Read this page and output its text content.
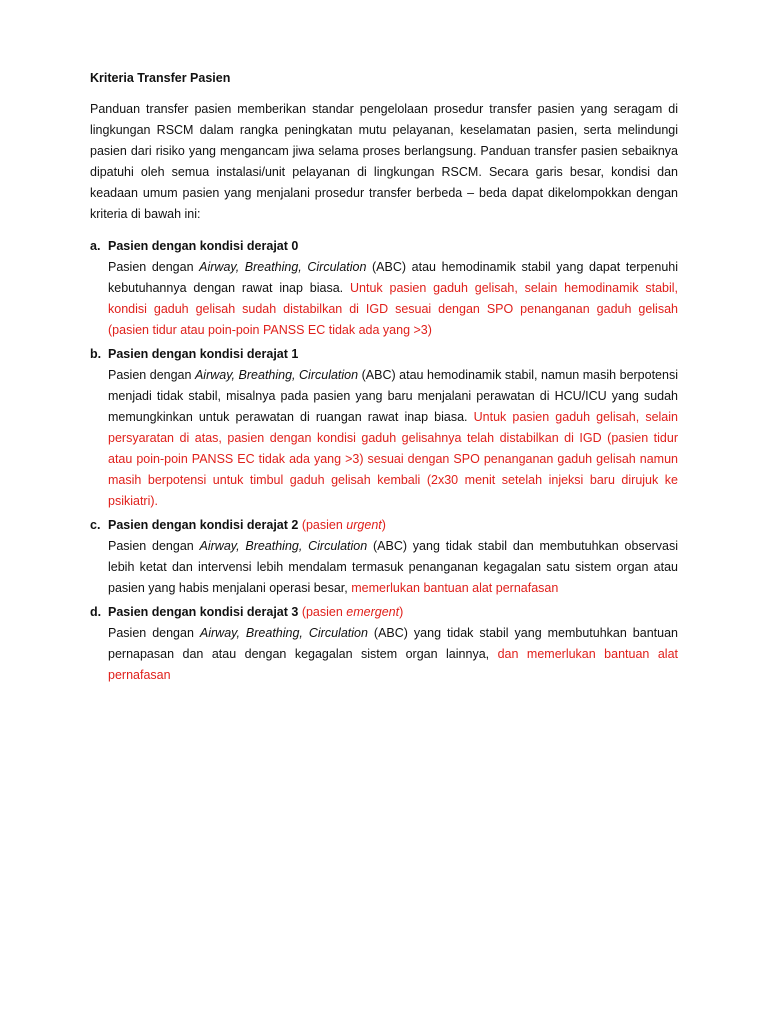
Kriteria Transfer Pasien
Panduan transfer pasien memberikan standar pengelolaan prosedur transfer pasien yang seragam di lingkungan RSCM dalam rangka peningkatan mutu pelayanan, keselamatan pasien, serta melindungi pasien dari risiko yang mengancam jiwa selama proses berlangsung. Panduan transfer pasien sebaiknya dipatuhi oleh semua instalasi/unit pelayanan di lingkungan RSCM. Secara garis besar, kondisi dan keadaan umum pasien yang menjalani prosedur transfer berbeda – beda dapat dikelompokkan dengan kriteria di bawah ini:
a. Pasien dengan kondisi derajat 0
Pasien dengan Airway, Breathing, Circulation (ABC) atau hemodinamik stabil yang dapat terpenuhi kebutuhannya dengan rawat inap biasa. Untuk pasien gaduh gelisah, selain hemodinamik stabil, kondisi gaduh gelisah sudah distabilkan di IGD sesuai dengan SPO penanganan gaduh gelisah (pasien tidur atau poin-poin PANSS EC tidak ada yang >3)
b. Pasien dengan kondisi derajat 1
Pasien dengan Airway, Breathing, Circulation (ABC) atau hemodinamik stabil, namun masih berpotensi menjadi tidak stabil, misalnya pada pasien yang baru menjalani perawatan di HCU/ICU yang sudah memungkinkan untuk perawatan di ruangan rawat inap biasa. Untuk pasien gaduh gelisah, selain persyaratan di atas, pasien dengan kondisi gaduh gelisahnya telah distabilkan di IGD (pasien tidur atau poin-poin PANSS EC tidak ada yang >3) sesuai dengan SPO penanganan gaduh gelisah namun masih berpotensi untuk timbul gaduh gelisah kembali (2x30 menit setelah injeksi baru dirujuk ke psikiatri).
c. Pasien dengan kondisi derajat 2 (pasien urgent)
Pasien dengan Airway, Breathing, Circulation (ABC) yang tidak stabil dan membutuhkan observasi lebih ketat dan intervensi lebih mendalam termasuk penanganan kegagalan satu sistem organ atau pasien yang habis menjalani operasi besar, memerlukan bantuan alat pernafasan
d. Pasien dengan kondisi derajat 3 (pasien emergent)
Pasien dengan Airway, Breathing, Circulation (ABC) yang tidak stabil yang membutuhkan bantuan pernapasan dan atau dengan kegagalan sistem organ lainnya, dan memerlukan bantuan alat pernafasan
